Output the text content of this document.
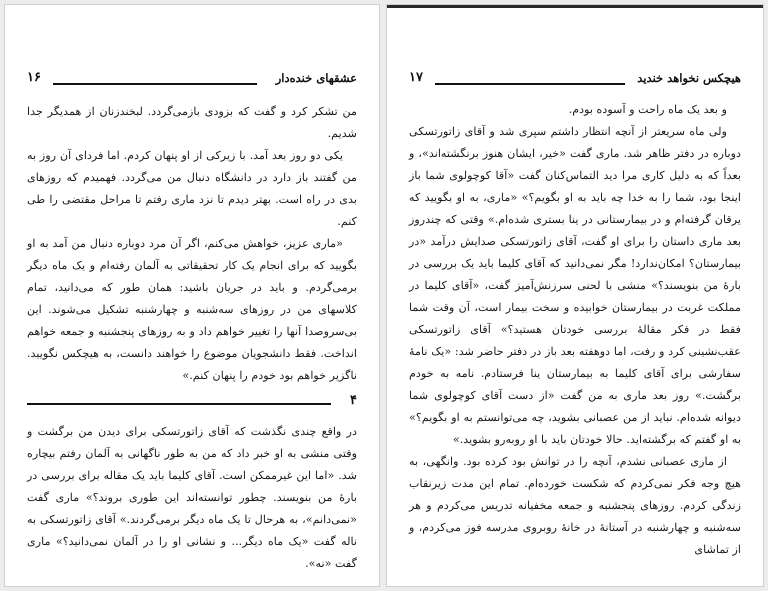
۱۶	عشقهای خنده‌دار

من تشکر کرد و گفت که بزودی بازمی‌گردد. لبخندزنان از همدیگر جدا شدیم.

یکی دو روز بعد آمد. با زیرکی از او پنهان کردم. اما فردای آن روز به من گفتند باز دارد در دانشگاه دنبال من می‌گردد. فهمیدم که روزهای بدی در راه است. بهتر دیدم تا نزد ماری رفتم تا مراحل مقتضی را طی کنم.

«ماری عزیز، خواهش می‌کنم، اگر آن مرد دوباره دنبال من آمد به او بگویید که برای انجام یک کار تحقیقاتی به آلمان رفته‌ام و یک ماه دیگر برمی‌گردم. و باید در جریان باشید: همان طور که می‌دانید، تمام کلاسهای من در روزهای سه‌شنبه و چهارشنبه تشکیل می‌شوند. این بی‌سروصدا آنها را تغییر خواهم داد و به روزهای پنجشنبه و جمعه خواهم انداخت. فقط دانشجویان موضوع را خواهند دانست، به هیچکس نگویید. ناگزیر خواهم بود خودم را پنهان کنم.»

۴

در واقع چندی نگذشت که آقای زاتورتسکی برای دیدن من برگشت و وقتی منشی به او خبر داد که من به طور ناگهانی به آلمان رفتم بیچاره شد. «اما این غیرممکن است. آقای کلیما باید یک مقاله برای بررسی در بارهٔ من بنویسند. چطور توانسته‌اند این طوری بروند؟» ماری گفت «نمی‌دانم»، به هرحال تا یک ماه دیگر برمی‌گردند.» آقای زاتورتسکی به ناله گفت «یک ماه دیگر... و نشانی او را در آلمان نمی‌دانید؟» ماری گفت «نه».

۱۷	هیچکس نخواهد خندید

و بعد یک ماه راحت و آسوده بودم.

ولی ماه سریعتر از آنچه انتظار داشتم سپری شد و آقای زاتورتسکی دوباره در دفتر ظاهر شد. ماری گفت «خیر، ایشان هنوز برنگشته‌اند»، و بعداً که به دلیل کاری مرا دید التماس‌کنان گفت «آقا کوچولوی شما باز اینجا بود، شما را به خدا چه باید به او بگویم؟» «ماری، به او بگویید که یرقان گرفته‌ام و در بیمارستانی در ینا بستری شده‌ام.» وقتی که چندروز بعد ماری داستان را برای او گفت، آقای زاتورتسکی صدایش درآمد «در بیمارستان؟ امکان‌ندارد! مگر نمی‌دانید که آقای کلیما باید یک بررسی در بارهٔ من بنویسند؟» منشی با لحنی سرزنش‌آمیز گفت، «آقای کلیما در مملکت غربت در بیمارستان خوابیده و سخت بیمار است، آن وقت شما فقط در فکر مقالهٔ بررسی خودتان هستید؟» آقای زاتورتسکی عقب‌نشینی کرد و رفت، اما دوهفته بعد باز در دفتر حاضر شد: «یک نامهٔ سفارشی برای آقای کلیما به بیمارستان ینا فرستادم. نامه به خودم برگشت.» روز بعد ماری به من گفت «از دست آقای کوچولوی شما دیوانه شده‌ام. نباید از من عصبانی بشوید، چه می‌توانستم به او بگویم؟» به او گفتم که برگشته‌اید. حالا خودتان باید با او روبه‌رو بشوید.»

از ماری عصبانی نشدم، آنچه را در توانش بود کرده بود. وانگهی، به هیچ وجه فکر نمی‌کردم که شکست خورده‌ام. تمام این مدت زیرنقاب زندگی کردم. روزهای پنجشنبه و جمعه مخفیانه تدریس می‌کردم و هر سه‌شنبه و چهارشنبه در آستانهٔ در خانهٔ روبروی مدرسه فوز می‌کردم، و از تماشای
